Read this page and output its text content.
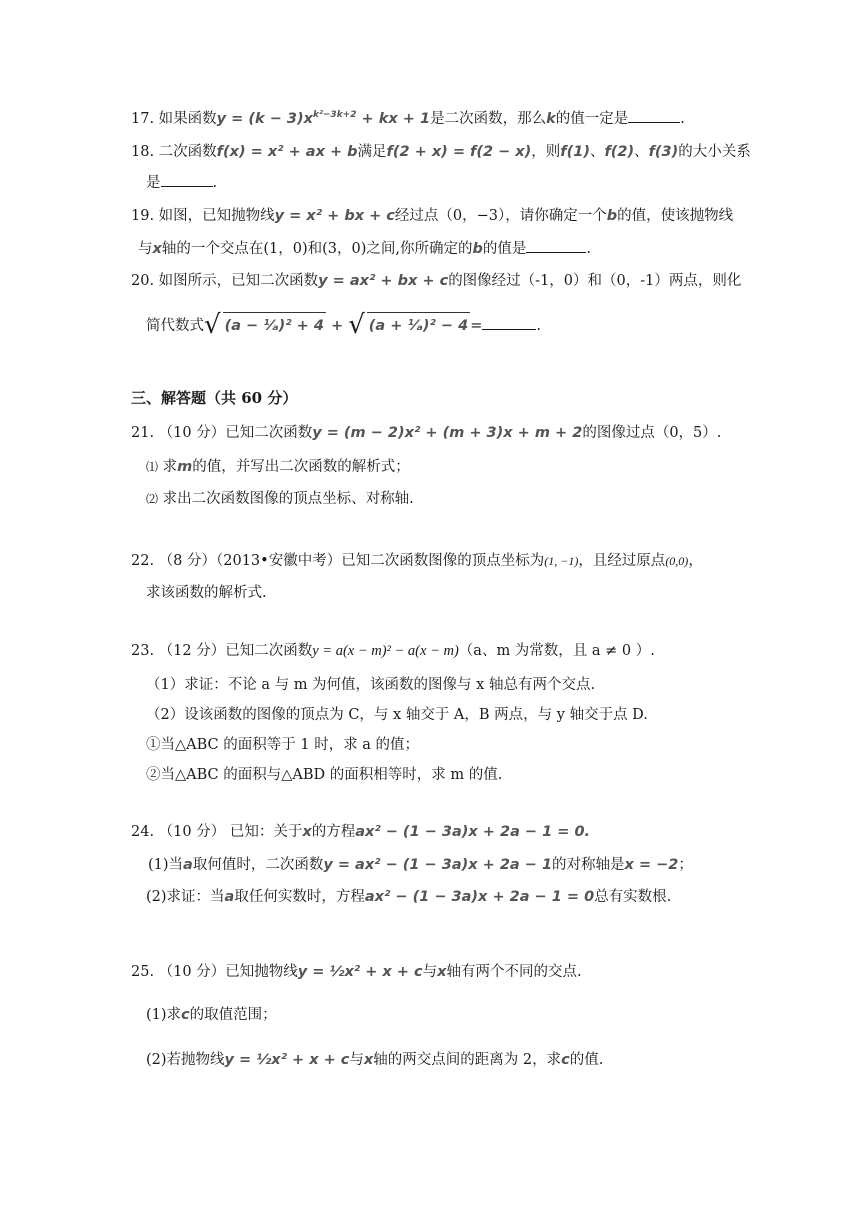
17. 如果函数$y = (k - 3)x^{k^2-3k+2}$ + kx + 1是二次函数，那么k的值一定是	.
18. 二次函数f(x) = x² + ax + b满足f(2 + x) = f(2 − x)，则f(1)、f(2)、f(3)的大小关系
是	.
19. 如图，已知抛物线y = x² + bx + c经过点（0，−3），请你确定一个b的值，使该抛物线
与x轴的一个交点在(1，0)和(3，0)之间,你所确定的b的值是	.
20. 如图所示，已知二次函数y = ax² + bx + c的图像经过（-1，0）和（0，-1）两点，则化
简代数式√ (a − ¹⁄ₐ)² + 4 + √ (a + ¹⁄ₐ)² − 4 =	.
三、解答题（共 60 分）
21. （10 分）已知二次函数y = (m − 2)x² + (m + 3)x + m + 2的图像过点（0，5）.
⑴ 求m的值，并写出二次函数的解析式；
⑵ 求出二次函数图像的顶点坐标、对称轴.
22. （8 分）（2013•安徽中考）已知二次函数图像的顶点坐标为(1, −1)，且经过原点(0,0)，
求该函数的解析式.
23. （12 分）已知二次函数y = a(x − m)² − a(x − m)（a、m 为常数，且 a ≠ 0 ）.
（1）求证：不论 a 与 m 为何值，该函数的图像与 x 轴总有两个交点.
（2）设该函数的图像的顶点为 C，与 x 轴交于 A，B 两点，与 y 轴交于点 D.
①当△ABC 的面积等于 1 时，求 a 的值；
②当△ABC 的面积与△ABD 的面积相等时，求 m 的值.
24. （10 分） 已知：关于x的方程ax² − (1 − 3a)x + 2a − 1 = 0.
(1)当a取何值时，二次函数y = ax² − (1 − 3a)x + 2a − 1的对称轴是x = −2；
(2)求证：当a取任何实数时，方程ax² − (1 − 3a)x + 2a − 1 = 0总有实数根.
25. （10 分）已知抛物线y = ½x² + x + c与x轴有两个不同的交点.
(1)求c的取值范围；
(2)若抛物线y = ½x² + x + c与x轴的两交点间的距离为 2，求c的值.
